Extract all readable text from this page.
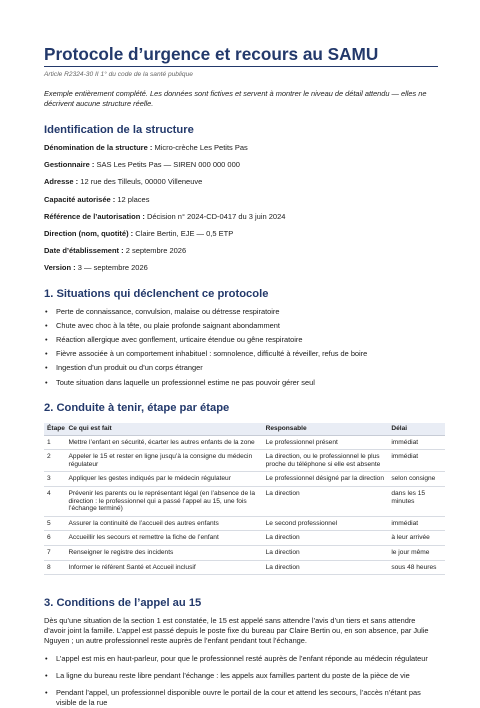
Protocole d’urgence et recours au SAMU
Article R2324-30 II 1° du code de la santé publique
Exemple entièrement complété. Les données sont fictives et servent à montrer le niveau de détail attendu — elles ne décrivent aucune structure réelle.
Identification de la structure
Dénomination de la structure : Micro-crèche Les Petits Pas
Gestionnaire : SAS Les Petits Pas — SIREN 000 000 000
Adresse : 12 rue des Tilleuls, 00000 Villeneuve
Capacité autorisée : 12 places
Référence de l’autorisation : Décision n° 2024-CD-0417 du 3 juin 2024
Direction (nom, quotité) : Claire Bertin, EJE — 0,5 ETP
Date d’établissement : 2 septembre 2026
Version : 3 — septembre 2026
1. Situations qui déclenchent ce protocole
• Perte de connaissance, convulsion, malaise ou détresse respiratoire
• Chute avec choc à la tête, ou plaie profonde saignant abondamment
• Réaction allergique avec gonflement, urticaire étendue ou gêne respiratoire
• Fièvre associée à un comportement inhabituel : somnolence, difficulté à réveiller, refus de boire
• Ingestion d’un produit ou d’un corps étranger
• Toute situation dans laquelle un professionnel estime ne pas pouvoir gérer seul
2. Conduite à tenir, étape par étape
Étape	Ce qui est fait	Responsable	Délai
1	Mettre l’enfant en sécurité, écarter les autres enfants de la zone	Le professionnel présent	immédiat
2	Appeler le 15 et rester en ligne jusqu’à la consigne du médecin régulateur	La direction, ou le professionnel le plus proche du téléphone si elle est absente	immédiat
3	Appliquer les gestes indiqués par le médecin régulateur	Le professionnel désigné par la direction	selon consigne
4	Prévenir les parents ou le représentant légal (en l’absence de la direction : le professionnel qui a passé l’appel au 15, une fois l’échange terminé)	La direction	dans les 15 minutes
5	Assurer la continuité de l’accueil des autres enfants	Le second professionnel	immédiat
6	Accueillir les secours et remettre la fiche de l’enfant	La direction	à leur arrivée
7	Renseigner le registre des incidents	La direction	le jour même
8	Informer le référent Santé et Accueil inclusif	La direction	sous 48 heures
3. Conditions de l’appel au 15
Dès qu’une situation de la section 1 est constatée, le 15 est appelé sans attendre l’avis d’un tiers et sans attendre d’avoir joint la famille. L’appel est passé depuis le poste fixe du bureau par Claire Bertin ou, en son absence, par Julie Nguyen ; un autre professionnel reste auprès de l’enfant pendant tout l’échange.
• L’appel est mis en haut-parleur, pour que le professionnel resté auprès de l’enfant réponde au médecin régulateur
• La ligne du bureau reste libre pendant l’échange : les appels aux familles partent du poste de la pièce de vie
• Pendant l’appel, un professionnel disponible ouvre le portail de la cour et attend les secours, l’accès n’étant pas visible de la rue
